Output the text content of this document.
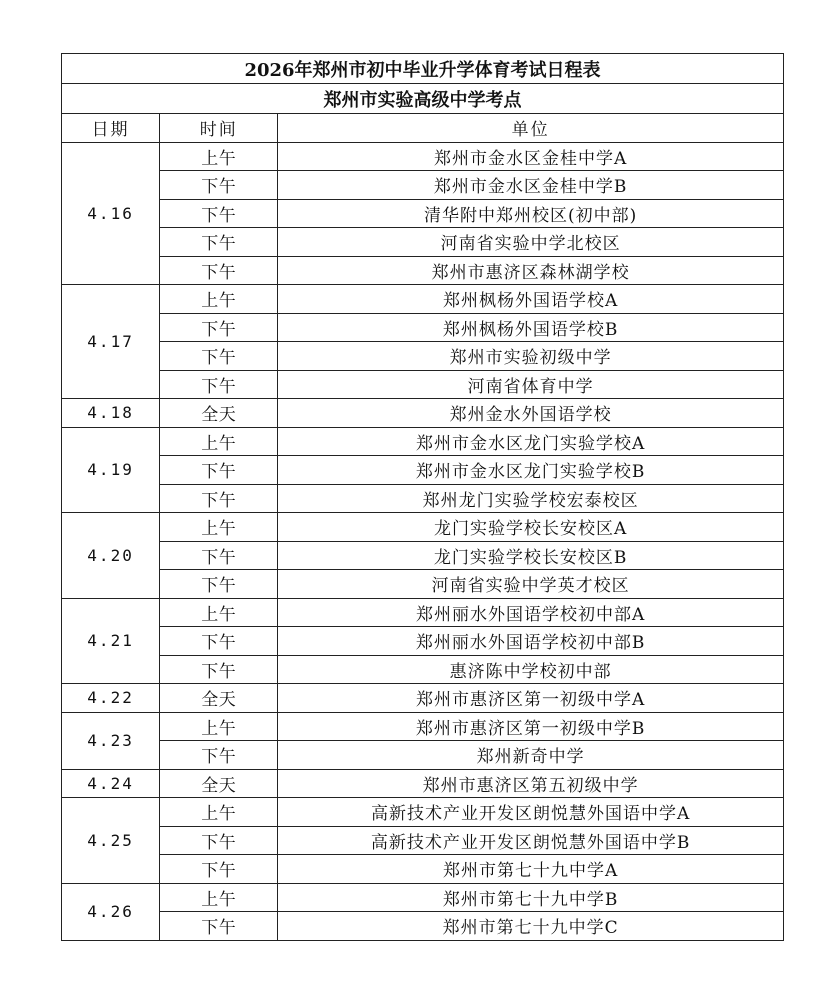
2026年郑州市初中毕业升学体育考试日程表		
郑州市实验高级中学考点		
日期	时间	单位
4.16	上午	郑州市金水区金桂中学A
	下午	郑州市金水区金桂中学B
	下午	清华附中郑州校区(初中部)
	下午	河南省实验中学北校区
	下午	郑州市惠济区森林湖学校
4.17	上午	郑州枫杨外国语学校A
	下午	郑州枫杨外国语学校B
	下午	郑州市实验初级中学
	下午	河南省体育中学
4.18	全天	郑州金水外国语学校
4.19	上午	郑州市金水区龙门实验学校A
	下午	郑州市金水区龙门实验学校B
	下午	郑州龙门实验学校宏泰校区
4.20	上午	龙门实验学校长安校区A
	下午	龙门实验学校长安校区B
	下午	河南省实验中学英才校区
4.21	上午	郑州丽水外国语学校初中部A
	下午	郑州丽水外国语学校初中部B
	下午	惠济陈中学校初中部
4.22	全天	郑州市惠济区第一初级中学A
4.23	上午	郑州市惠济区第一初级中学B
	下午	郑州新奇中学
4.24	全天	郑州市惠济区第五初级中学
4.25	上午	高新技术产业开发区朗悦慧外国语中学A
	下午	高新技术产业开发区朗悦慧外国语中学B
	下午	郑州市第七十九中学A
4.26	上午	郑州市第七十九中学B
	下午	郑州市第七十九中学C
